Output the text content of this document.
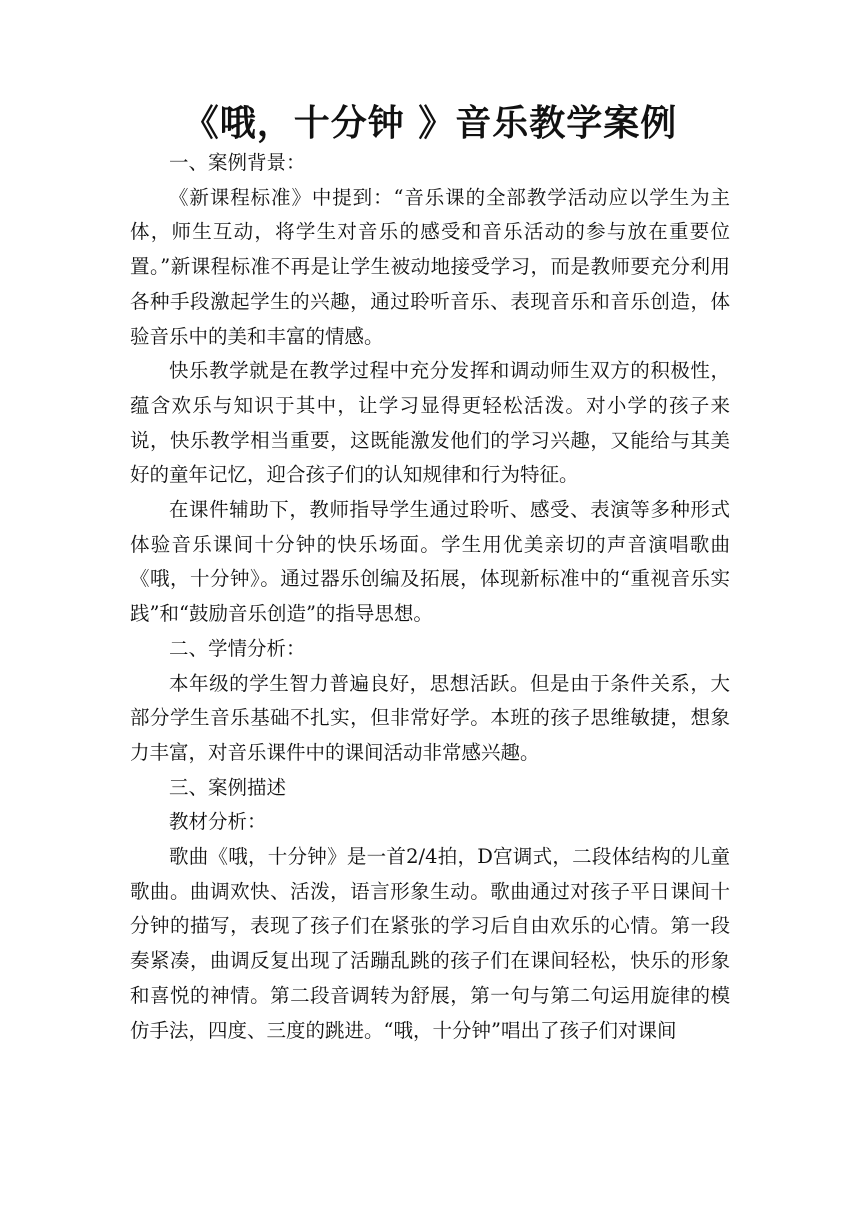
《哦，十分钟 》音乐教学案例

一、案例背景：

《新课程标准》中提到：“音乐课的全部教学活动应以学生为主体，师生互动，将学生对音乐的感受和音乐活动的参与放在重要位置。”新课程标准不再是让学生被动地接受学习，而是教师要充分利用各种手段激起学生的兴趣，通过聆听音乐、表现音乐和音乐创造，体验音乐中的美和丰富的情感。

快乐教学就是在教学过程中充分发挥和调动师生双方的积极性，蕴含欢乐与知识于其中，让学习显得更轻松活泼。对小学的孩子来说，快乐教学相当重要，这既能激发他们的学习兴趣，又能给与其美好的童年记忆，迎合孩子们的认知规律和行为特征。

在课件辅助下，教师指导学生通过聆听、感受、表演等多种形式体验音乐课间十分钟的快乐场面。学生用优美亲切的声音演唱歌曲《哦，十分钟》。通过器乐创编及拓展，体现新标准中的“重视音乐实践”和“鼓励音乐创造”的指导思想。

二、学情分析：

本年级的学生智力普遍良好，思想活跃。但是由于条件关系，大部分学生音乐基础不扎实，但非常好学。本班的孩子思维敏捷，想象力丰富，对音乐课件中的课间活动非常感兴趣。

三、案例描述

教材分析：

歌曲《哦，十分钟》是一首2/4拍，D宫调式，二段体结构的儿童歌曲。曲调欢快、活泼，语言形象生动。歌曲通过对孩子平日课间十分钟的描写，表现了孩子们在紧张的学习后自由欢乐的心情。第一段奏紧凑，曲调反复出现了活蹦乱跳的孩子们在课间轻松，快乐的形象和喜悦的神情。第二段音调转为舒展，第一句与第二句运用旋律的模仿手法，四度、三度的跳进。“哦，十分钟”唱出了孩子们对课间
